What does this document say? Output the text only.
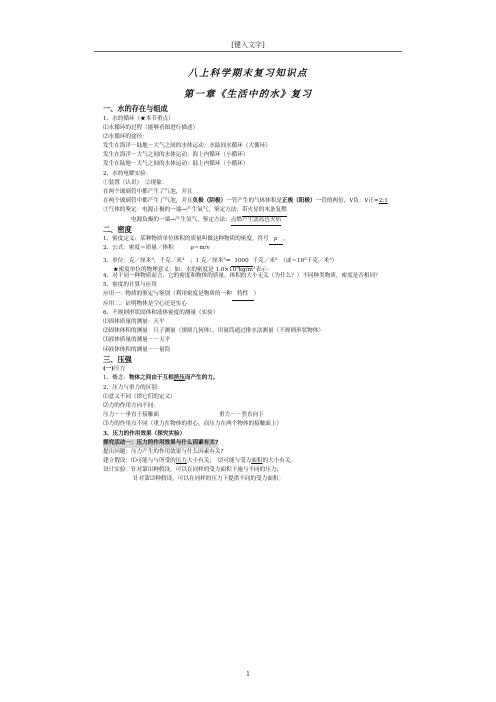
[键入文字]
八上科学期末复习知识点
第一章《生活中的水》复习
一、水的存在与组成
1、水的循环（★本节重点）
⑴水循环的过程（能够看图进行描述）
⑵水循环的途径：
发生在海洋－陆地－大气之间的水体运动：水陆间水循环（大循环）
发生在海洋－大气之间的水体运动：海上内循环（小循环）
发生在陆地－大气之间的水体运动：陆上内循环（小循环）
2、水的电解实验：
①装置（认识）　②现象：
在两个玻璃管中都产生了气泡，并且
在两个玻璃管中都产生了气泡，并且负极（阴极）一管产生的气体体积是正极（阳极）一管的两倍，V负：V正=2:1
③气体的鉴定：电源正极的一端→产生氧气，鉴定方法：带火星的木条复燃
电源负极的一端→产生氢气，鉴定方法：点燃产生淡蓝色火焰
二、密度
1、密度定义：某种物质单位体积的质量叫做这种物质的密度，符号 ρ 。
2、公式：密度＝质量／体积　　　ρ＝m/v
3、单位：克／厘米$^3$，千克／米$^3$　；1 克／厘米$^3$= 1000 千克／米$^3$　（或$=10^3$千克／米$^3$）
★密度单位的物理意义：如：水的密度是 $1.0\times 10^3kg/m^3$表示：
4、对于同一种物质而言，它的密度和物体的质量、体积的大小无关（为什么？）不同种类物质，密度是否相同？
5、密度的计算与应用
应用一：物质的鉴定与鉴别（利用密度是物质的一种 特性 ）
应用二：证明物体是空心还是实心
6、不规则形状固体和液体密度的测量（实验）
⑴固体质量的测量：天平
⑵固体体积的测量：尺子测量（规则几何体），用量筒通过排水法测量（不规则形状物体）
⑶液体质量的测量－－天平
⑷液体体积的测量－－量筒
三、压强
(一)压力
1、概念：物体之间由于互相挤压而产生的力。
2、压力与重力的区别：
⑴意义不同（即它们的定义）
⑵力的作用方向不同：
压力－－垂直于接触面	重力－－竖直向下
⑶力的作用点不同（重力在物体的重心，而压力在两个物体的接触面上）
3、压力的作用效果（探究实验）
探究活动一：压力的作用效果与什么因素有关?
提出问题：压力产生的作用效果与什么因素有关?
建立假设：⑴可能与与所受的压力大小有关；　⑵可能与受力面积的大小有关。
设计实验：针对第⑴种假设，可以在同样的受力面积下施与不同的压力；
针对第⑵种假设，可以在同样的压力下提供不同的受力面积。
1
